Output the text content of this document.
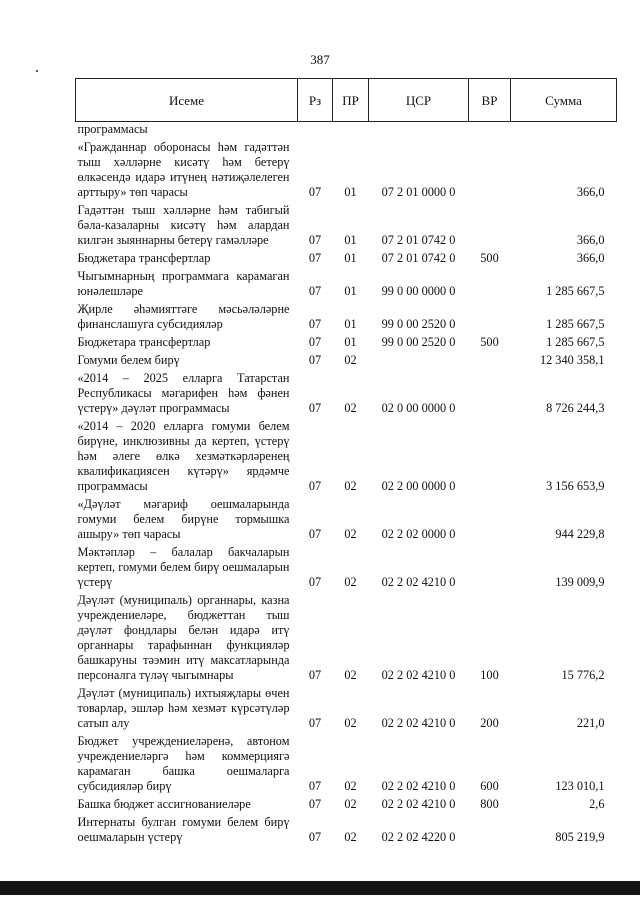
387
Исеме	Рз	ПР	ЦСР	ВР	Сумма
программасы					
«Гражданнар оборонасы һәм гадәттән тыш хәлләрне кисәтү һәм бетерү өлкәсендә идарә итүнең нәтиҗәлелеген арттыру» төп чарасы	07	01	07 2 01 0000 0		366,0
Гадәттән тыш хәлләрне һәм табигый бәла-казаларны кисәтү һәм алардан килгән зыяннарны бетерү гамәлләре	07	01	07 2 01 0742 0		366,0
Бюджетара трансфертлар	07	01	07 2 01 0742 0	500	366,0
Чыгымнарның программага карамаган юнәлешләре	07	01	99 0 00 0000 0		1 285 667,5
Җирле әһәмияттәге мәсьәләләрне финанслашуга субсидияләр	07	01	99 0 00 2520 0		1 285 667,5
Бюджетара трансфертлар	07	01	99 0 00 2520 0	500	1 285 667,5
Гомуми белем бирү	07	02			12 340 358,1
«2014 – 2025 елларга Татарстан Республикасы мәгарифен һәм фәнен үстерү» дәүләт программасы	07	02	02 0 00 0000 0		8 726 244,3
«2014 – 2020 елларга гомуми белем бирүне, инклюзивны да кертеп, үстерү һәм әлеге өлкә хезмәткәрләренең квалификациясен күтәрү» ярдәмче программасы	07	02	02 2 00 0000 0		3 156 653,9
«Дәүләт мәгариф оешмаларында гомуми белем бирүне тормышка ашыру» төп чарасы	07	02	02 2 02 0000 0		944 229,8
Мәктәпләр – балалар бакчаларын кертеп, гомуми белем бирү оешмаларын үстерү	07	02	02 2 02 4210 0		139 009,9
Дәүләт (муниципаль) органнары, казна учреждениеләре, бюджеттан тыш дәүләт фондлары белән идарә итү органнары тарафыннан функцияләр башкаруны тәэмин итү максатларында персоналга түләү чыгымнары	07	02	02 2 02 4210 0	100	15 776,2
Дәүләт (муниципаль) ихтыяҗлары өчен товарлар, эшләр һәм хезмәт күрсәтүләр сатып алу	07	02	02 2 02 4210 0	200	221,0
Бюджет учреждениеләренә, автоном учреждениеләргә һәм коммерциягә карамаган башка оешмаларга субсидияләр бирү	07	02	02 2 02 4210 0	600	123 010,1
Башка бюджет ассигнованиеләре	07	02	02 2 02 4210 0	800	2,6
Интернаты булган гомуми белем бирү оешмаларын үстерү	07	02	02 2 02 4220 0		805 219,9
